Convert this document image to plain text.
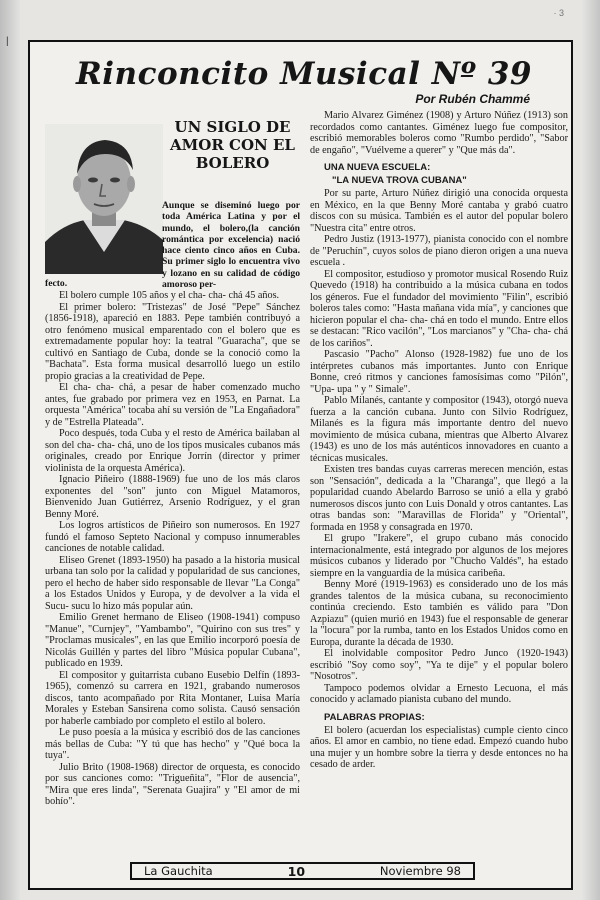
|
· 3
Rinconcito Musical Nº 39
Por Rubén Chammé
UN SIGLO DE AMOR CON EL BOLERO
Aunque se diseminó luego por toda América Latina y por el mundo, el bolero,(la canción romántica por excelencia) nació hace ciento cinco años en Cuba. Su primer siglo lo encuentra vivo y lozano en su calidad de código amoroso per-
fecto.

El bolero cumple 105 años y el cha- cha- chá 45 años.

El primer bolero: "Tristezas" de José "Pepe" Sánchez (1856-1918), apareció en 1883. Pepe también contribuyó a otro fenómeno musical emparentado con el bolero que es extremadamente popular hoy: la teatral "Guaracha", que se cultivó en Santiago de Cuba, donde se la conoció como la "Bachata". Esta forma musical desarrolló luego un estilo propio gracias a la creatividad de Pepe.

El cha- cha- chá, a pesar de haber comenzado mucho antes, fue grabado por primera vez en 1953, en Parnat. La orquesta "América" tocaba ahí su versión de "La Engañadora" y de "Estrella Plateada".

Poco después, toda Cuba y el resto de América bailaban al son del cha- cha- chá, uno de los tipos musicales cubanos más originales, creado por Enrique Jorrín (director y primer violinista de la orquesta América).

Ignacio Piñeiro (1888-1969) fue uno de los más claros exponentes del "son" junto con Miguel Matamoros, Bienvenido Juan Gutiérrez, Arsenio Rodríguez, y el gran Benny Moré.

Los logros artísticos de Piñeiro son numerosos. En 1927 fundó el famoso Septeto Nacional y compuso innumerables canciones de notable calidad.

Eliseo Grenet (1893-1950) ha pasado a la historia musical urbana tan solo por la calidad y popularidad de sus canciones, pero el hecho de haber sido responsable de llevar "La Conga" a los Estados Unidos y Europa, y de devolver a la vida el Sucu- sucu lo hizo más popular aún.

Emilio Grenet hermano de Eliseo (1908-1941) compuso "Manue", "Curnjey", "Yambambo", "Quirino con sus tres" y "Proclamas musicales", en las que Emilio incorporó poesía de Nicolás Guillén y partes del libro "Música popular Cubana", publicado en 1939.

El compositor y guitarrista cubano Eusebio Delfín (1893-1965), comenzó su carrera en 1921, grabando numerosos discos, tanto acompañado por Rita Montaner, Luisa María Morales y Esteban Sansirena como solista. Causó sensación por haberle cambiado por completo el estilo al bolero.

Le puso poesía a la música y escribió dos de las canciones más bellas de Cuba: "Y tú que has hecho" y "Qué boca la tuya".

Julio Brito (1908-1968) director de orquesta, es conocido por sus canciones como: "Trigueñita", "Flor de ausencia", "Mira que eres linda", "Serenata Guajira" y "El amor de mi bohío".

Mario Alvarez Giménez (1908) y Arturo Núñez (1913) son recordados como cantantes. Giménez luego fue compositor, escribió memorables boleros como "Rumbo perdido", "Sabor de engaño", "Vuélveme a querer" y "Que más da".

UNA NUEVA ESCUELA:

"LA NUEVA TROVA CUBANA"

Por su parte, Arturo Núñez dirigió una conocida orquesta en México, en la que Benny Moré cantaba y grabó cuatro discos con su música. También es el autor del popular bolero "Nuestra cita" entre otros.

Pedro Justiz (1913-1977), pianista conocido con el nombre de "Peruchín", cuyos solos de piano dieron origen a una nueva escuela .

El compositor, estudioso y promotor musical Rosendo Ruiz Quevedo (1918) ha contribuido a la música cubana en todos los géneros. Fue el fundador del movimiento "Filin", escribió boleros tales como: "Hasta mañana vida mía", y canciones que hicieron popular el cha- cha- chá en todo el mundo. Entre ellos se destacan: "Rico vacilón", "Los marcianos" y "Cha- cha- chá de los cariños".

Pascasio "Pacho" Alonso (1928-1982) fue uno de los intérpretes cubanos más importantes. Junto con Enrique Bonne, creó ritmos y canciones famosísimas como "Pilón", "Upa- upa " y " Simale".

Pablo Milanés, cantante y compositor (1943), otorgó nueva fuerza a la canción cubana. Junto con Silvio Rodríguez, Milanés es la figura más importante dentro del nuevo movimiento de música cubana, mientras que Alberto Alvarez (1943) es uno de los más auténticos innovadores en cuanto a técnicas musicales.

Existen tres bandas cuyas carreras merecen mención, estas son "Sensación", dedicada a la "Charanga", que llegó a la popularidad cuando Abelardo Barroso se unió a ella y grabó numerosos discos junto con Luis Donald y otros cantantes. Las otras bandas son: "Maravillas de Florida" y "Oriental", formada en 1958 y consagrada en 1970.

El grupo "Irakere", el grupo cubano más conocido internacionalmente, está integrado por algunos de los mejores músicos cubanos y liderado por "Chucho Valdés", ha estado siempre en la vanguardia de la música caribeña.

Benny Moré (1919-1963) es considerado uno de los más grandes talentos de la música cubana, su reconocimiento continúa creciendo. Esto también es válido para "Don Azpiazu" (quien murió en 1943) fue el responsable de generar la "locura" por la rumba, tanto en los Estados Unidos como en Europa, durante la década de 1930.

El inolvidable compositor Pedro Junco (1920-1943) escribió "Soy como soy", "Ya te dije" y el popular bolero "Nosotros".

Tampoco podemos olvidar a Ernesto Lecuona, el más conocido y aclamado pianista cubano del mundo.

PALABRAS PROPIAS:

El bolero (acuerdan los especialistas) cumple ciento cinco años. El amor en cambio, no tiene edad. Empezó cuando hubo una mujer y un hombre sobre la tierra y desde entonces no ha cesado de arder.

La Gauchita	10	Noviembre 98
